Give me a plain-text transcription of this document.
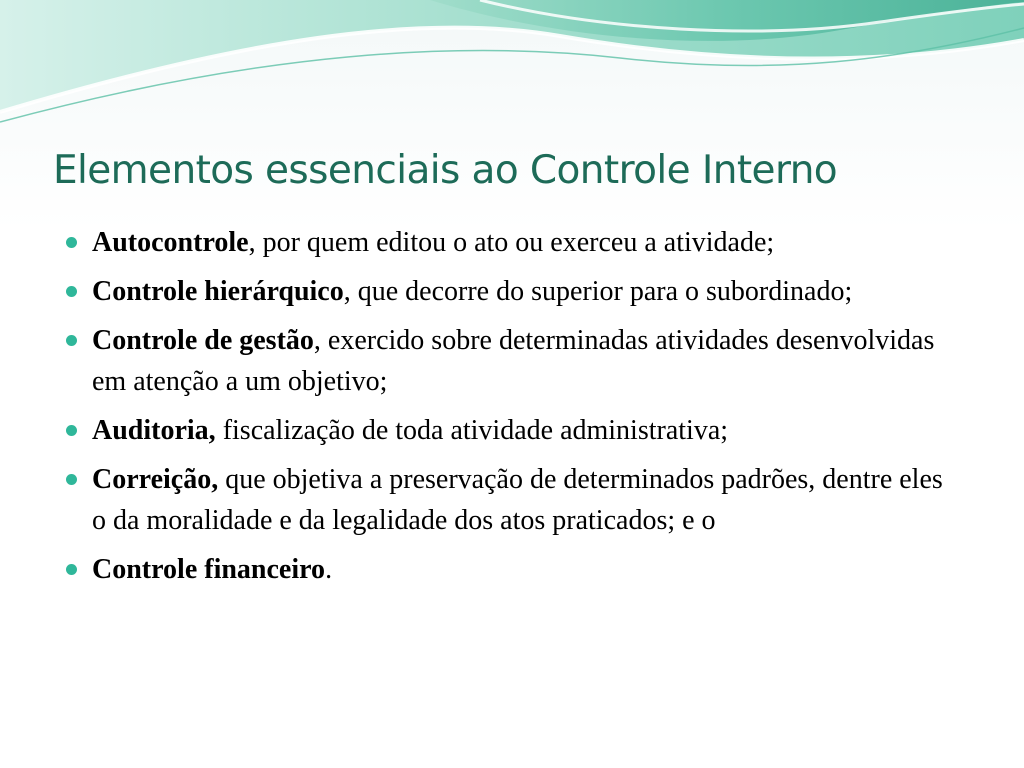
Elementos essenciais ao Controle Interno
Autocontrole, por quem editou o ato ou exerceu a atividade;
Controle hierárquico, que decorre do superior para o subordinado;
Controle de gestão, exercido sobre determinadas atividades desenvolvidas em atenção a um objetivo;
Auditoria, fiscalização de toda atividade administrativa;
Correição, que objetiva a preservação de determinados padrões, dentre eles o da moralidade e da legalidade dos atos praticados; e o
Controle financeiro.
